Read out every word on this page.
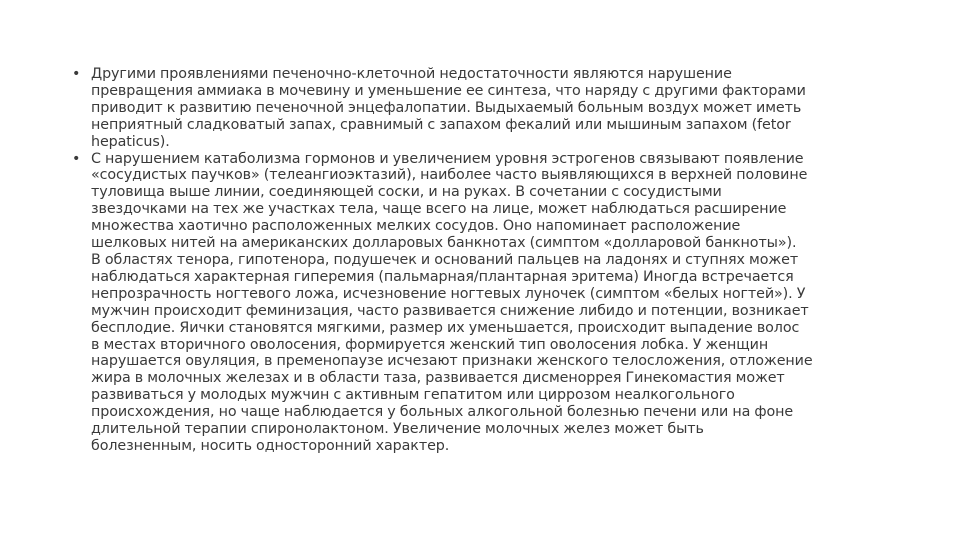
• Другими проявлениями печеночно-клеточной недостаточности являются нарушение
превращения аммиака в мочевину и уменьшение ее синтеза, что наряду с другими факторами
приводит к развитию печеночной энцефалопатии. Выдыхаемый больным воздух может иметь
неприятный сладковатый запах, сравнимый с запахом фекалий или мышиным запахом (fetor
hepaticus).
• С нарушением катаболизма гормонов и увеличением уровня эстрогенов связывают появление
«сосудистых паучков» (телеангиоэктазий), наиболее часто выявляющихся в верхней половине
туловища выше линии, соединяющей соски, и на руках. В сочетании с сосудистыми
звездочками на тех же участках тела, чаще всего на лице, может наблюдаться расширение
множества хаотично расположенных мелких сосудов. Оно напоминает расположение
шелковых нитей на американских долларовых банкнотах (симптом «долларовой банкноты»).
В областях тенора, гипотенора, подушечек и оснований пальцев на ладонях и ступнях может
наблюдаться характерная гиперемия (пальмарная/плантарная эритема) Иногда встречается
непрозрачность ногтевого ложа, исчезновение ногтевых луночек (симптом «белых ногтей»). У
мужчин происходит феминизация, часто развивается снижение либидо и потенции, возникает
бесплодие. Яички становятся мягкими, размер их уменьшается, происходит выпадение волос
в местах вторичного оволосения, формируется женский тип оволосения лобка. У женщин
нарушается овуляция, в пременопаузе исчезают признаки женского телосложения, отложение
жира в молочных железах и в области таза, развивается дисменоррея Гинекомастия может
развиваться у молодых мужчин с активным гепатитом или циррозом неалкогольного
происхождения, но чаще наблюдается у больных алкогольной болезнью печени или на фоне
длительной терапии спиронолактоном. Увеличение молочных желез может быть
болезненным, носить односторонний характер.
